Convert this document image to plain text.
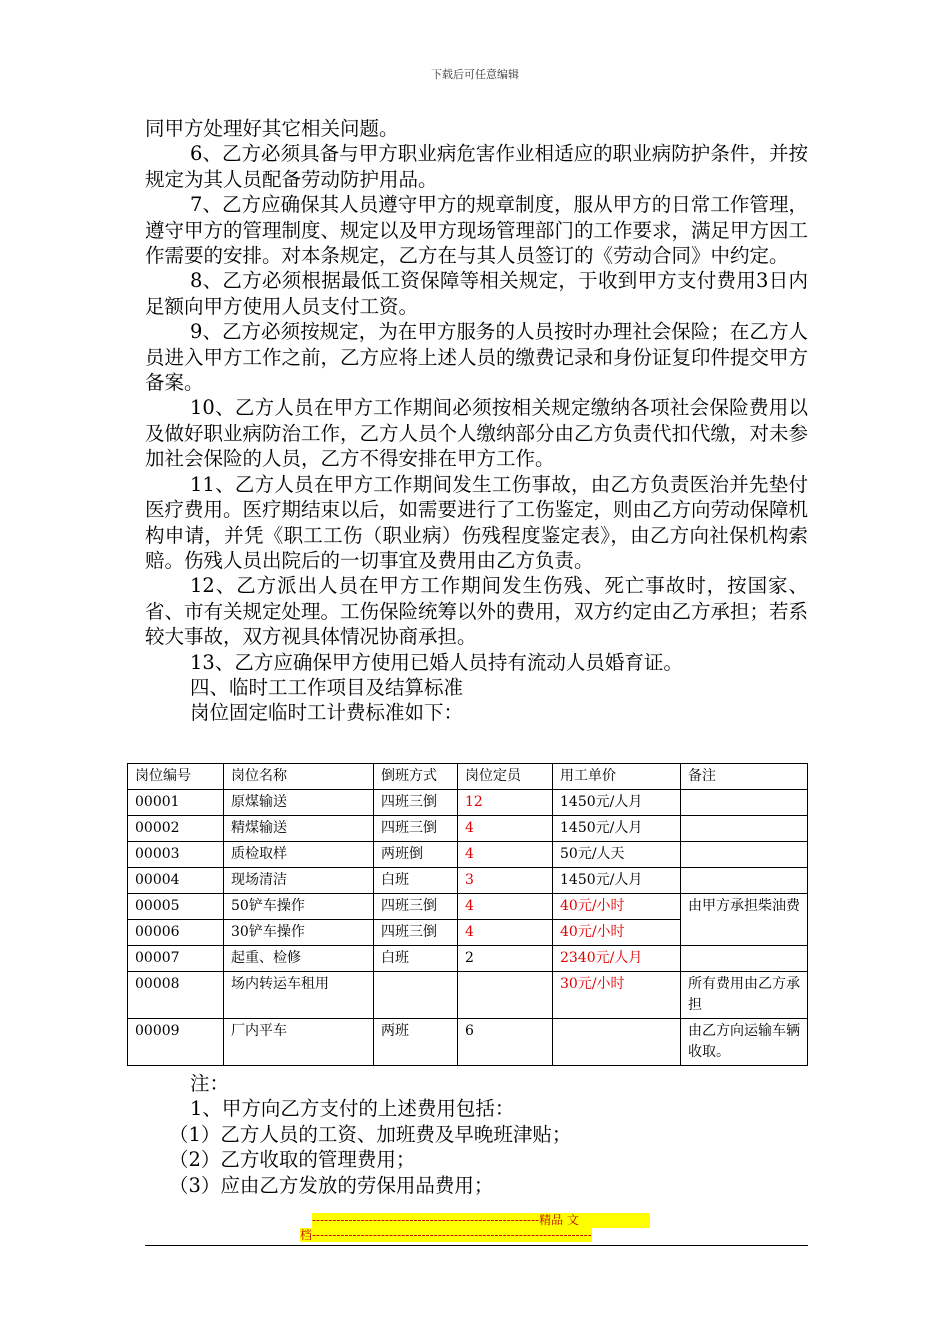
下载后可任意编辑

同甲方处理好其它相关问题。

6、乙方必须具备与甲方职业病危害作业相适应的职业病防护条件，并按规定为其人员配备劳动防护用品。

7、乙方应确保其人员遵守甲方的规章制度，服从甲方的日常工作管理，遵守甲方的管理制度、规定以及甲方现场管理部门的工作要求，满足甲方因工作需要的安排。对本条规定，乙方在与其人员签订的《劳动合同》中约定。

8、乙方必须根据最低工资保障等相关规定，于收到甲方支付费用3日内足额向甲方使用人员支付工资。

9、乙方必须按规定，为在甲方服务的人员按时办理社会保险；在乙方人员进入甲方工作之前，乙方应将上述人员的缴费记录和身份证复印件提交甲方备案。

10、乙方人员在甲方工作期间必须按相关规定缴纳各项社会保险费用以及做好职业病防治工作，乙方人员个人缴纳部分由乙方负责代扣代缴，对未参加社会保险的人员，乙方不得安排在甲方工作。

11、乙方人员在甲方工作期间发生工伤事故，由乙方负责医治并先垫付医疗费用。医疗期结束以后，如需要进行了工伤鉴定，则由乙方向劳动保障机构申请，并凭《职工工伤（职业病）伤残程度鉴定表》，由乙方向社保机构索赔。伤残人员出院后的一切事宜及费用由乙方负责。

12、乙方派出人员在甲方工作期间发生伤残、死亡事故时，按国家、省、市有关规定处理。工伤保险统筹以外的费用，双方约定由乙方承担；若系较大事故，双方视具体情况协商承担。

13、乙方应确保甲方使用已婚人员持有流动人员婚育证。

四、临时工工作项目及结算标准

岗位固定临时工计费标准如下：

岗位编号	岗位名称	倒班方式	岗位定员	用工单价	备注
00001	原煤输送	四班三倒	12	1450元/人月	
00002	精煤输送	四班三倒	4	1450元/人月	
00003	质检取样	两班倒	4	50元/人天	
00004	现场清洁	白班	3	1450元/人月	
00005	50铲车操作	四班三倒	4	40元/小时	由甲方承担柴油费
00006	30铲车操作	四班三倒	4	40元/小时	
00007	起重、检修	白班	2	2340元/人月	
00008	场内转运车租用			30元/小时	所有费用由乙方承担
00009	厂内平车	两班	6		由乙方向运输车辆收取。

注：

1、甲方向乙方支付的上述费用包括：

（1）乙方人员的工资、加班费及早晚班津贴；

（2）乙方收取的管理费用；

（3）应由乙方发放的劳保用品费用；

--------------------------------------------------------精品 文
档---------------------------------------------------------------------
